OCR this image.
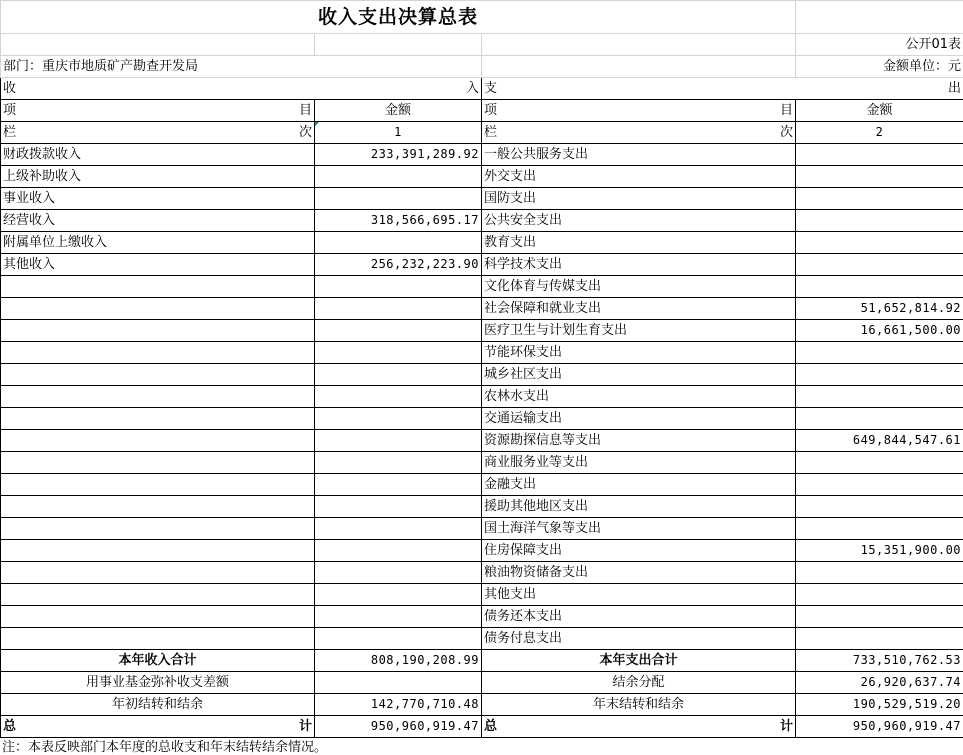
收入支出决算总表			
			公开01表
部门：重庆市地质矿产勘查开发局			金额单位：元

收 入		支 出	

项 目	金额	项 目	金额

栏 次	1	栏 次	2
财政拨款收入	233,391,289.92	一般公共服务支出	
上级补助收入		外交支出	
事业收入		国防支出	
经营收入	318,566,695.17	公共安全支出	
附属单位上缴收入		教育支出	
其他收入	256,232,223.90	科学技术支出	
		文化体育与传媒支出	
		社会保障和就业支出	51,652,814.92
		医疗卫生与计划生育支出	16,661,500.00
		节能环保支出	
		城乡社区支出	
		农林水支出	
		交通运输支出	
		资源勘探信息等支出	649,844,547.61
		商业服务业等支出	
		金融支出	
		援助其他地区支出	
		国土海洋气象等支出	
		住房保障支出	15,351,900.00
		粮油物资储备支出	
		其他支出	
		债务还本支出	
		债务付息支出	
本年收入合计	808,190,208.99	本年支出合计	733,510,762.53
用事业基金弥补收支差额		结余分配	26,920,637.74
年初结转和结余	142,770,710.48	年末结转和结余	190,529,519.20

总 计	950,960,919.47	总 计	950,960,919.47
注：本表反映部门本年度的总收支和年末结转结余情况。
